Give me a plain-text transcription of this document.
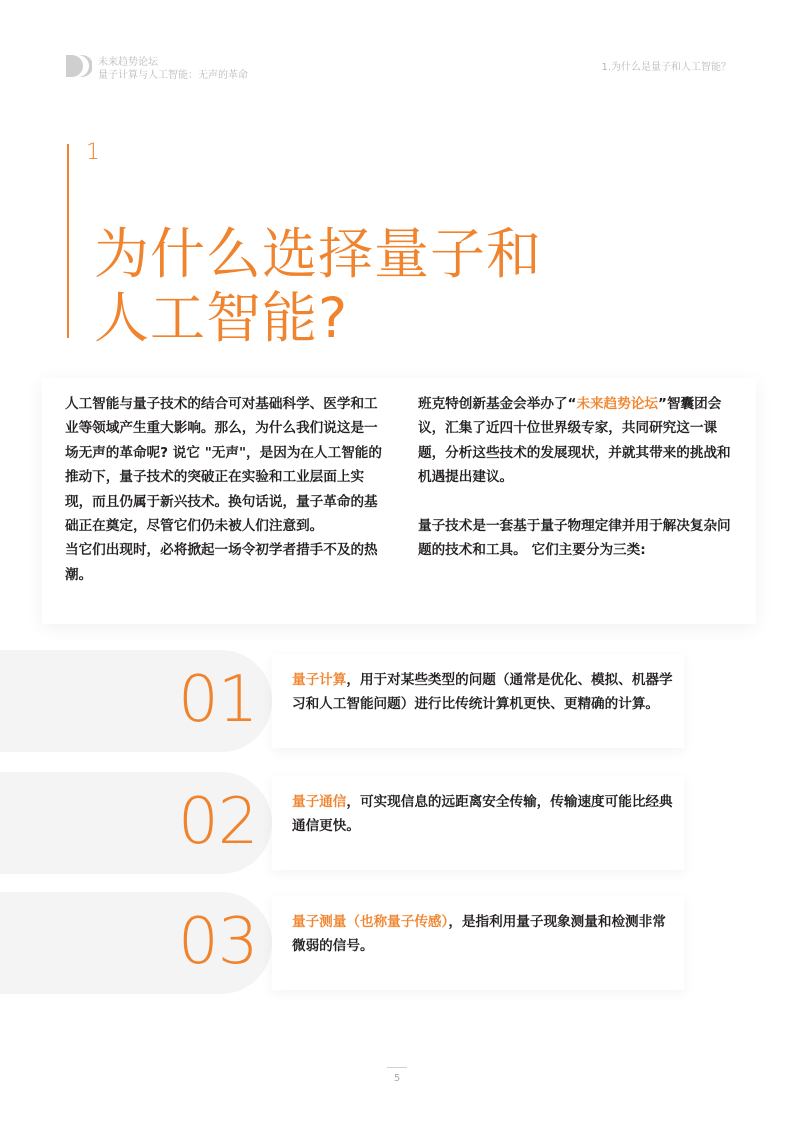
未来趋势论坛
量子计算与人工智能：无声的革命
1.为什么是量子和人工智能？
1
为什么选择量子和
人工智能?

人工智能与量子技术的结合可对基础科学、医学和工业等领域产生重大影响。那么，为什么我们说这是一场无声的革命呢? 说它 "无声"，是因为在人工智能的推动下，量子技术的突破正在实验和工业层面上实现，而且仍属于新兴技术。换句话说，量子革命的基础正在奠定，尽管它们仍未被人们注意到。

当它们出现时，必将掀起一场令初学者措手不及的热潮。

班克特创新基金会举办了“未来趋势论坛”智囊团会议，汇集了近四十位世界级专家，共同研究这一课题，分析这些技术的发展现状，并就其带来的挑战和机遇提出建议。

量子技术是一套基于量子物理定律并用于解决复杂问题的技术和工具。 它们主要分为三类:

01	量子计算，用于对某些类型的问题（通常是优化、模拟、机器学习和人工智能问题）进行比传统计算机更快、更精确的计算。
02	量子通信，可实现信息的远距离安全传输，传输速度可能比经典通信更快。
03	量子测量（也称量子传感），是指利用量子现象测量和检测非常微弱的信号。
5
